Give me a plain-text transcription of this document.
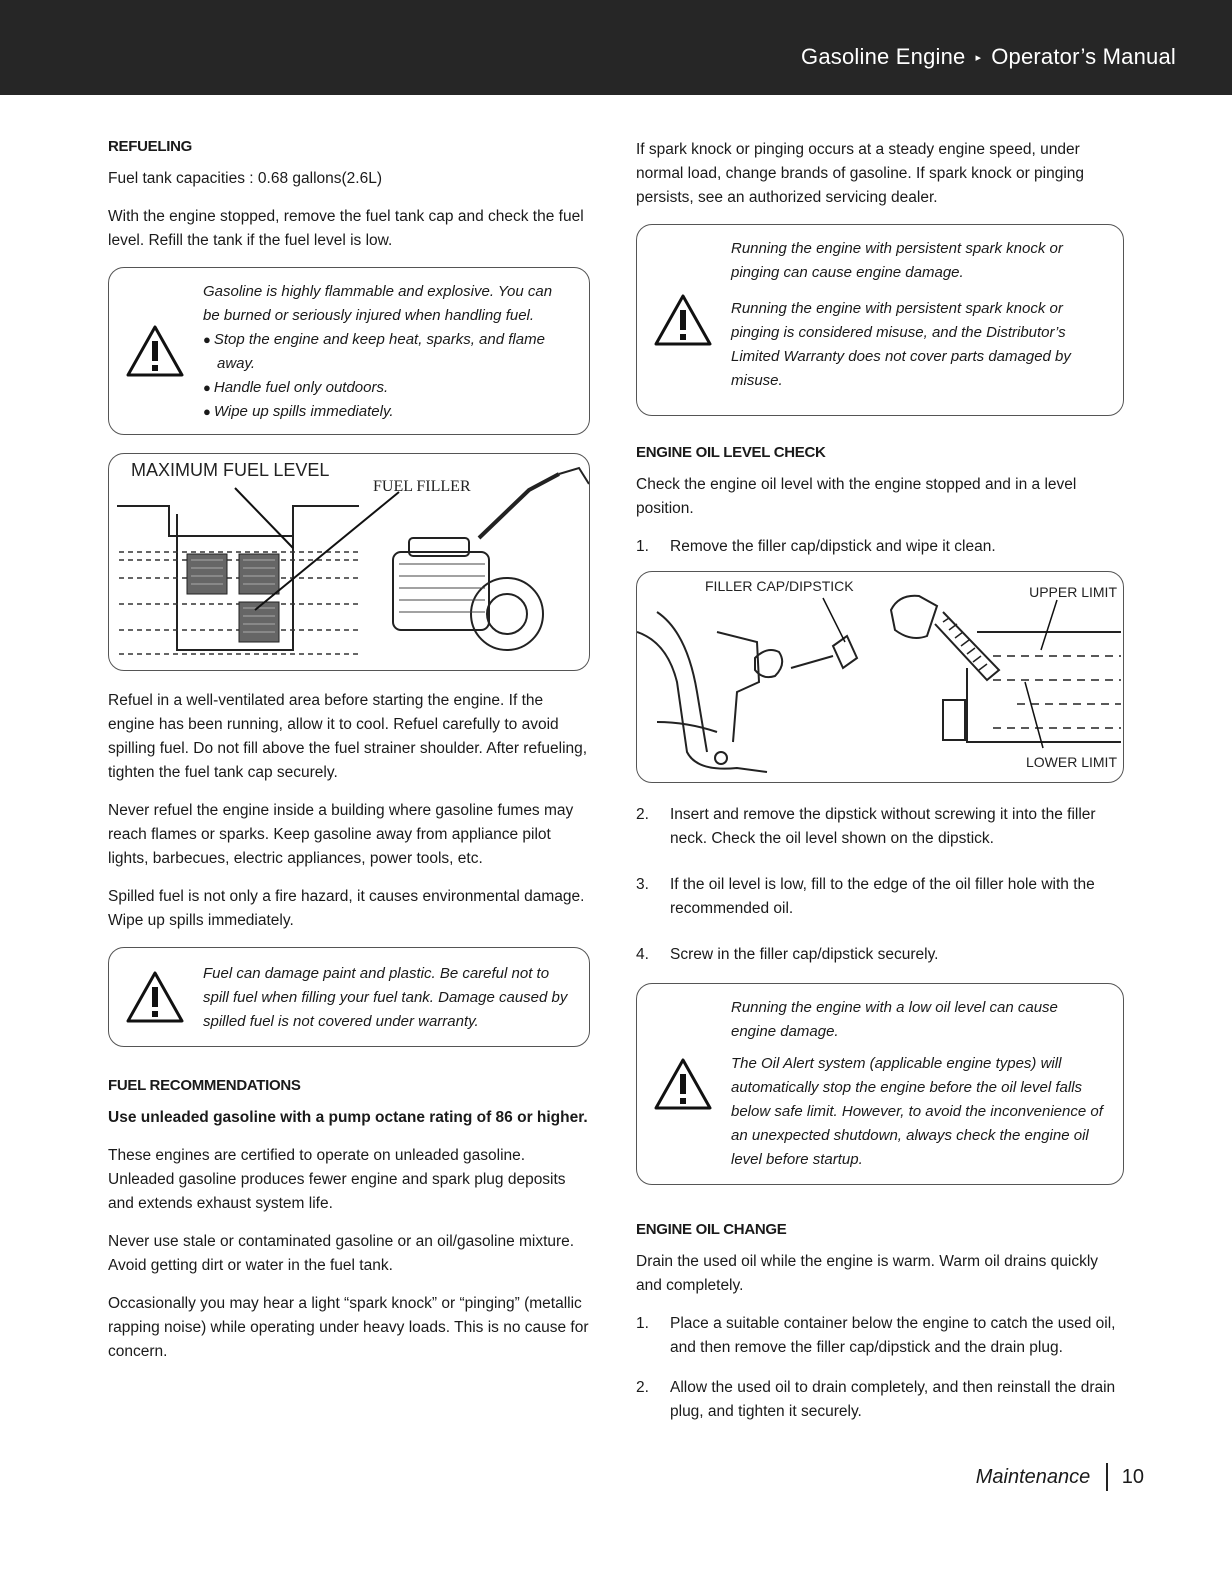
Gasoline Engine ▸ Operator’s Manual
REFUELING

Fuel tank capacities : 0.68 gallons(2.6L)

With the engine stopped, remove the fuel tank cap and check the fuel level. Refill the tank if the fuel level is low.

Gasoline is highly flammable and explosive. You can be burned or seriously injured when handling fuel.
● Stop the engine and keep heat, sparks, and flame away.
● Handle fuel only outdoors.
● Wipe up spills immediately.
MAXIMUM FUEL LEVEL
FUEL FILLER

Refuel in a well-ventilated area before starting the engine. If the engine has been running, allow it to cool. Refuel carefully to avoid spilling fuel. Do not fill above the fuel strainer shoulder. After refueling, tighten the fuel tank cap securely.

Never refuel the engine inside a building where gasoline fumes may reach flames or sparks. Keep gasoline away from appliance pilot lights, barbecues, electric appliances, power tools, etc.

Spilled fuel is not only a fire hazard, it causes environmental damage. Wipe up spills immediately.

Fuel can damage paint and plastic. Be careful not to spill fuel when filling your fuel tank. Damage caused by spilled fuel is not covered under warranty.
FUEL RECOMMENDATIONS

Use unleaded gasoline with a pump octane rating of 86 or higher.

These engines are certified to operate on unleaded gasoline. Unleaded gasoline produces fewer engine and spark plug deposits and extends exhaust system life.

Never use stale or contaminated gasoline or an oil/gasoline mixture. Avoid getting dirt or water in the fuel tank.

Occasionally you may hear a light “spark knock” or “pinging” (metallic rapping noise) while operating under heavy loads. This is no cause for concern.

If spark knock or pinging occurs at a steady engine speed, under normal load, change brands of gasoline. If spark knock or pinging persists, see an authorized servicing dealer.

Running the engine with persistent spark knock or pinging can cause engine damage.
Running the engine with persistent spark knock or pinging is considered misuse, and the Distributor’s Limited Warranty does not cover parts damaged by misuse.
ENGINE OIL LEVEL CHECK

Check the engine oil level with the engine stopped and in a level position.

1. Remove the filler cap/dipstick and wipe it clean.
FILLER CAP/DIPSTICK	UPPER LIMIT
LOWER LIMIT
2. Insert and remove the dipstick without screwing it into the filler neck. Check the oil level shown on the dipstick.
3. If the oil level is low, fill to the edge of the oil filler hole with the recommended oil.
4. Screw in the filler cap/dipstick securely.
Running the engine with a low oil level can cause engine damage.
The Oil Alert system (applicable engine types) will automatically stop the engine before the oil level falls below safe limit. However, to avoid the inconvenience of an unexpected shutdown, always check the engine oil level before startup.
ENGINE OIL CHANGE

Drain the used oil while the engine is warm. Warm oil drains quickly and completely.

1. Place a suitable container below the engine to catch the used oil, and then remove the filler cap/dipstick and the drain plug.
2. Allow the used oil to drain completely, and then reinstall the drain plug, and tighten it securely.
Maintenance 10
